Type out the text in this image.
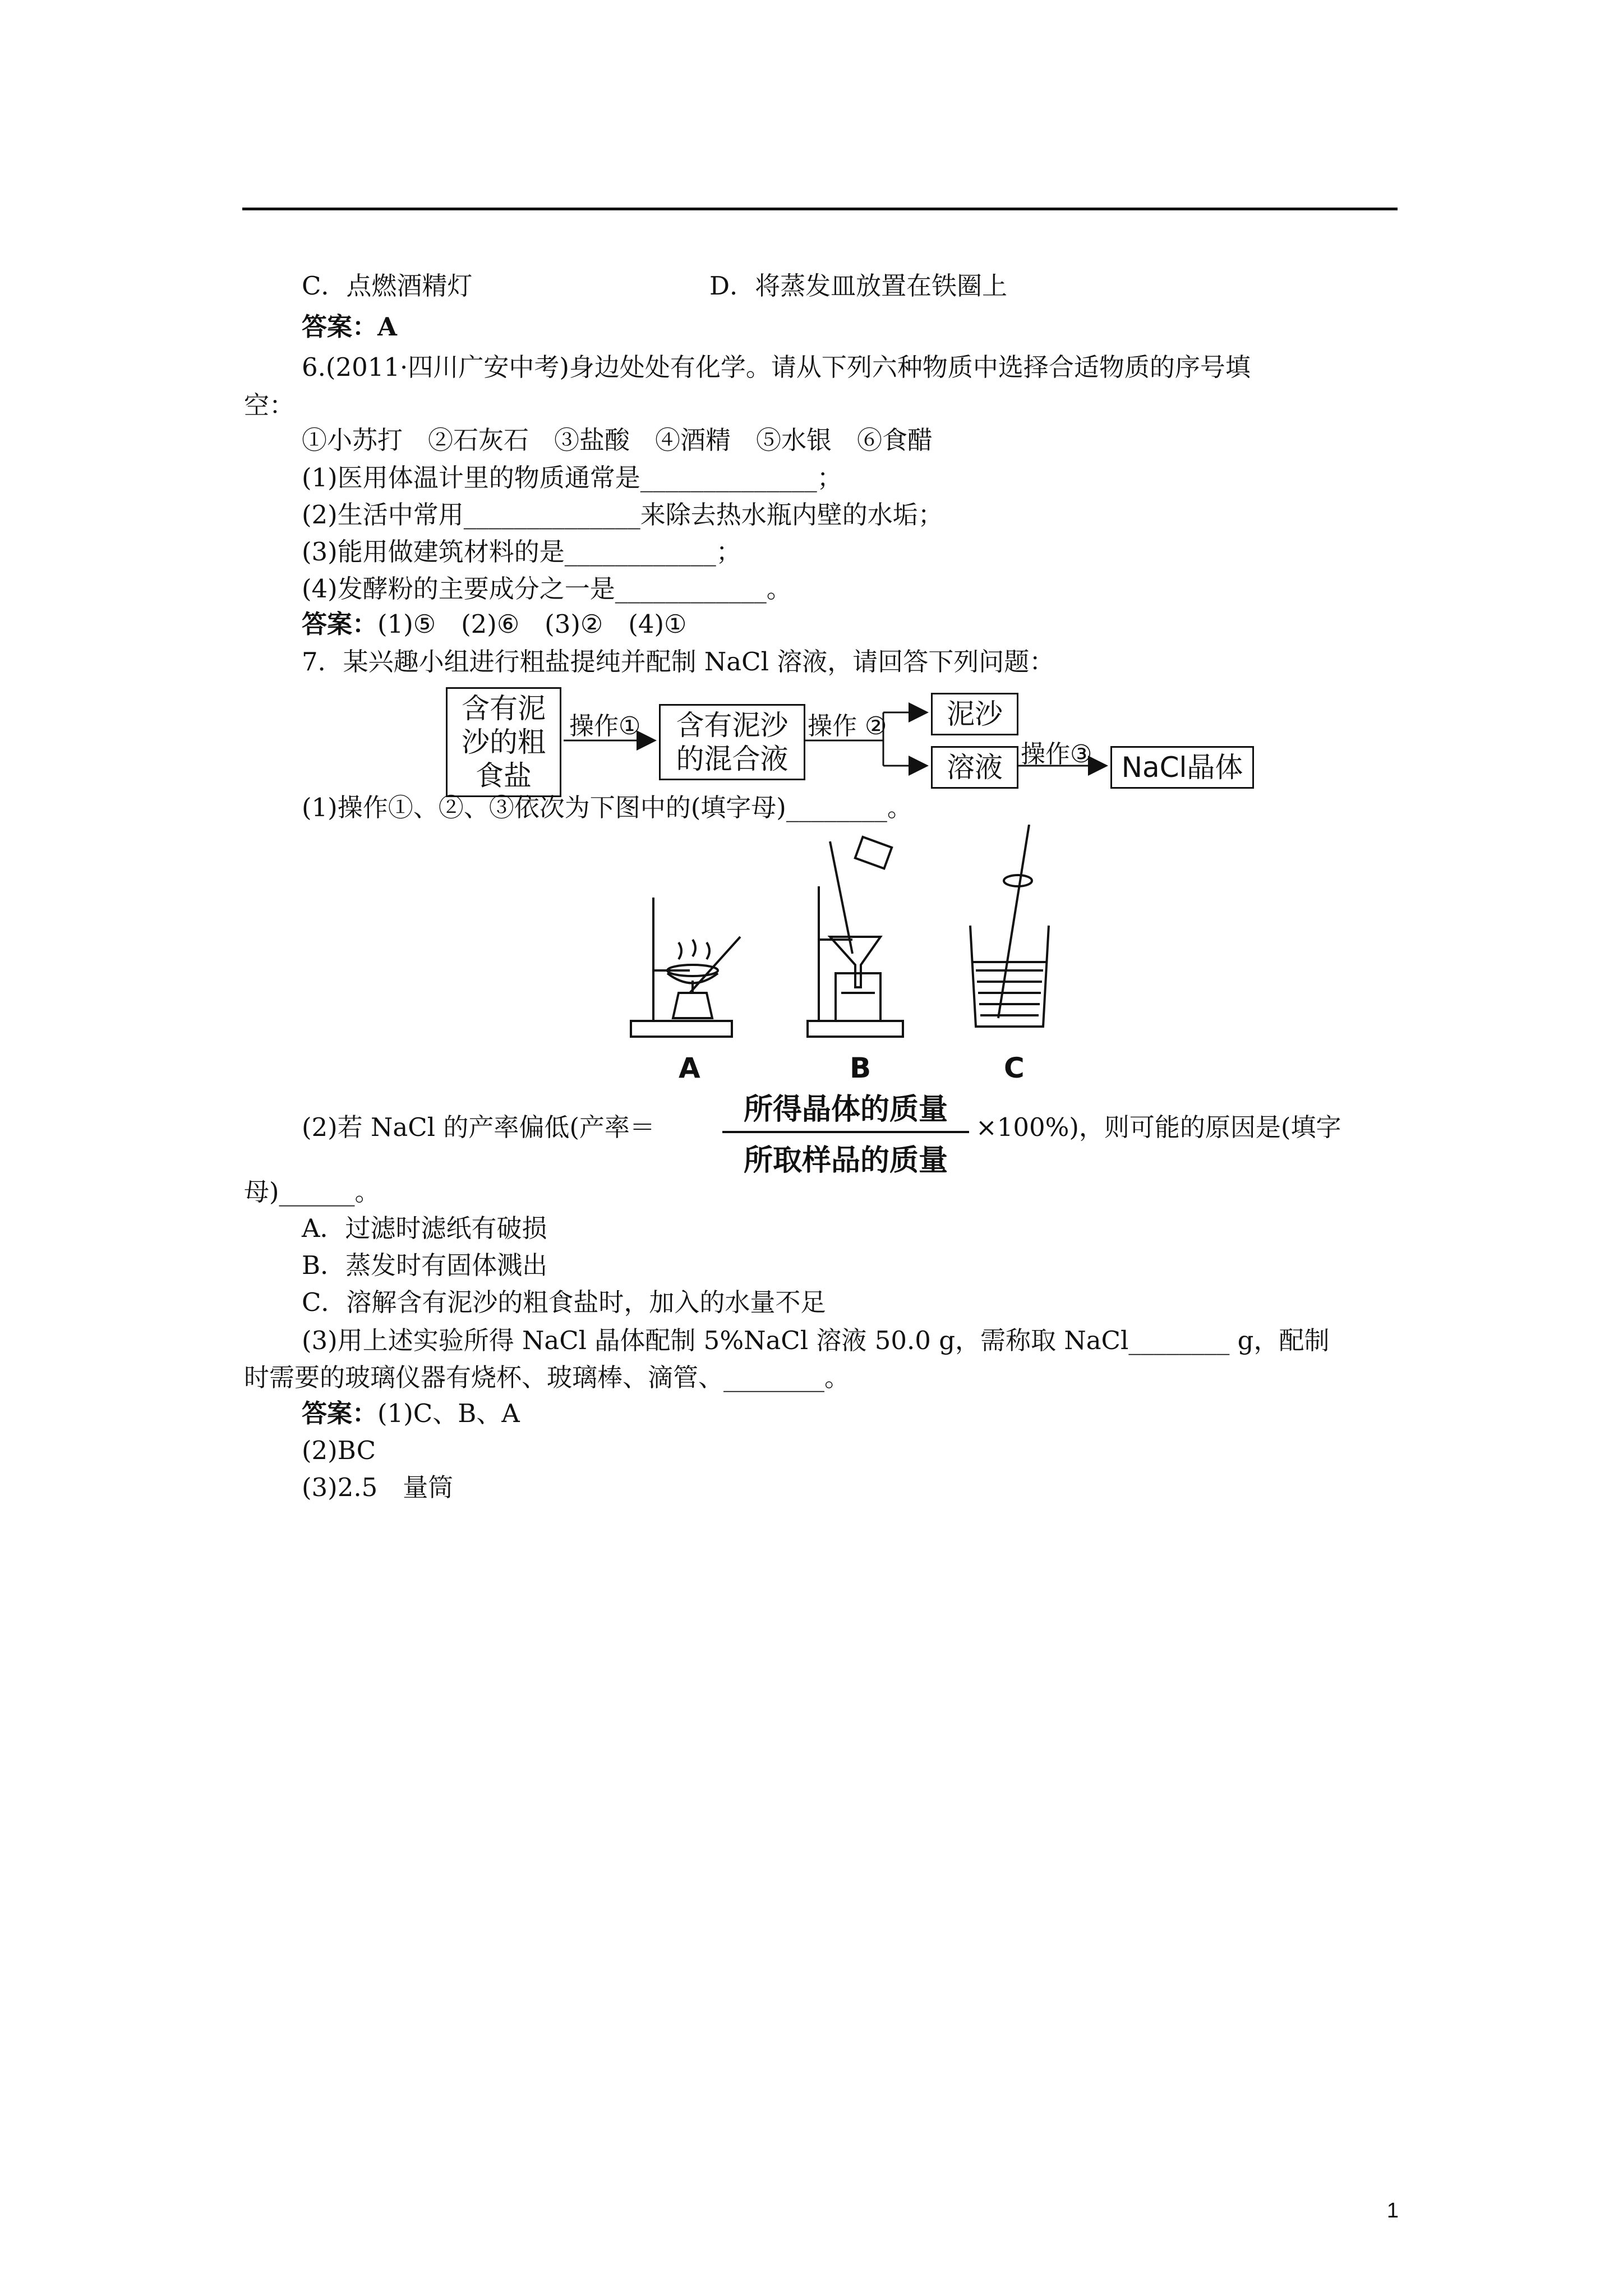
C．点燃酒精灯	D．将蒸发皿放置在铁圈上
答案：A
6.(2011·四川广安中考)身边处处有化学。请从下列六种物质中选择合适物质的序号填
空：
①小苏打　②石灰石　③盐酸　④酒精　⑤水银　⑥食醋
(1)医用体温计里的物质通常是______________；
(2)生活中常用______________来除去热水瓶内壁的水垢；
(3)能用做建筑材料的是____________；
(4)发酵粉的主要成分之一是____________。
答案：(1)⑤　(2)⑥　(3)②　(4)①
7．某兴趣小组进行粗盐提纯并配制 NaCl 溶液，请回答下列问题：
含有泥
沙的粗
食盐
操作①	含有泥沙
的混合液
操作 ②	泥沙
溶液 操作③	NaCl晶体
(1)操作①、②、③依次为下图中的(填字母)________。
A	B	C
(2)若 NaCl 的产率偏低(产率＝
所得晶体的质量
所取样品的质量
×100%)，则可能的原因是(填字
母)______。
A．过滤时滤纸有破损
B．蒸发时有固体溅出
C．溶解含有泥沙的粗食盐时，加入的水量不足
(3)用上述实验所得 NaCl 晶体配制 5%NaCl 溶液 50.0 g，需称取 NaCl________ g，配制
时需要的玻璃仪器有烧杯、玻璃棒、滴管、________。
答案：(1)C、B、A
(2)BC
(3)2.5　量筒
1
